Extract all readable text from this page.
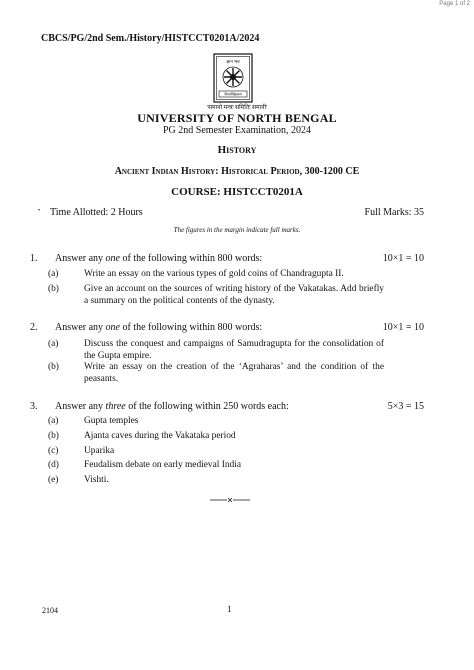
Page 1 of 2
CBCS/PG/2nd Sem./History/HISTCCT0201A/2024
ज्ञान भव
विश्वविद्यालय
'समानो मन्त्रः समितिः समानी'
UNIVERSITY OF NORTH BENGAL
PG 2nd Semester Examination, 2024
History
Ancient Indian History: Historical Period, 300-1200 CE
COURSE: HISTCCT0201A
• Time Allotted: 2 Hours	Full Marks: 35
The figures in the margin indicate full marks.
1. Answer any one of the following within 800 words:	10×1 = 10
(a)	Write an essay on the various types of gold coins of Chandragupta II.
(b)	Give an account on the sources of writing history of the Vakatakas. Add briefly a summary on the political contents of the dynasty.
2. Answer any one of the following within 800 words:	10×1 = 10
(a)	Discuss the conquest and campaigns of Samudragupta for the consolidation of the Gupta empire.
(b)	Write an essay on the creation of the ‘Agraharas’ and the condition of the peasants.
3. Answer any three of the following within 250 words each:	5×3 = 15
(a)	Gupta temples
(b)	Ajanta caves during the Vakataka period
(c)	Uparika
(d)	Feudalism debate on early medieval India
(e)	Vishti.
2104	1
